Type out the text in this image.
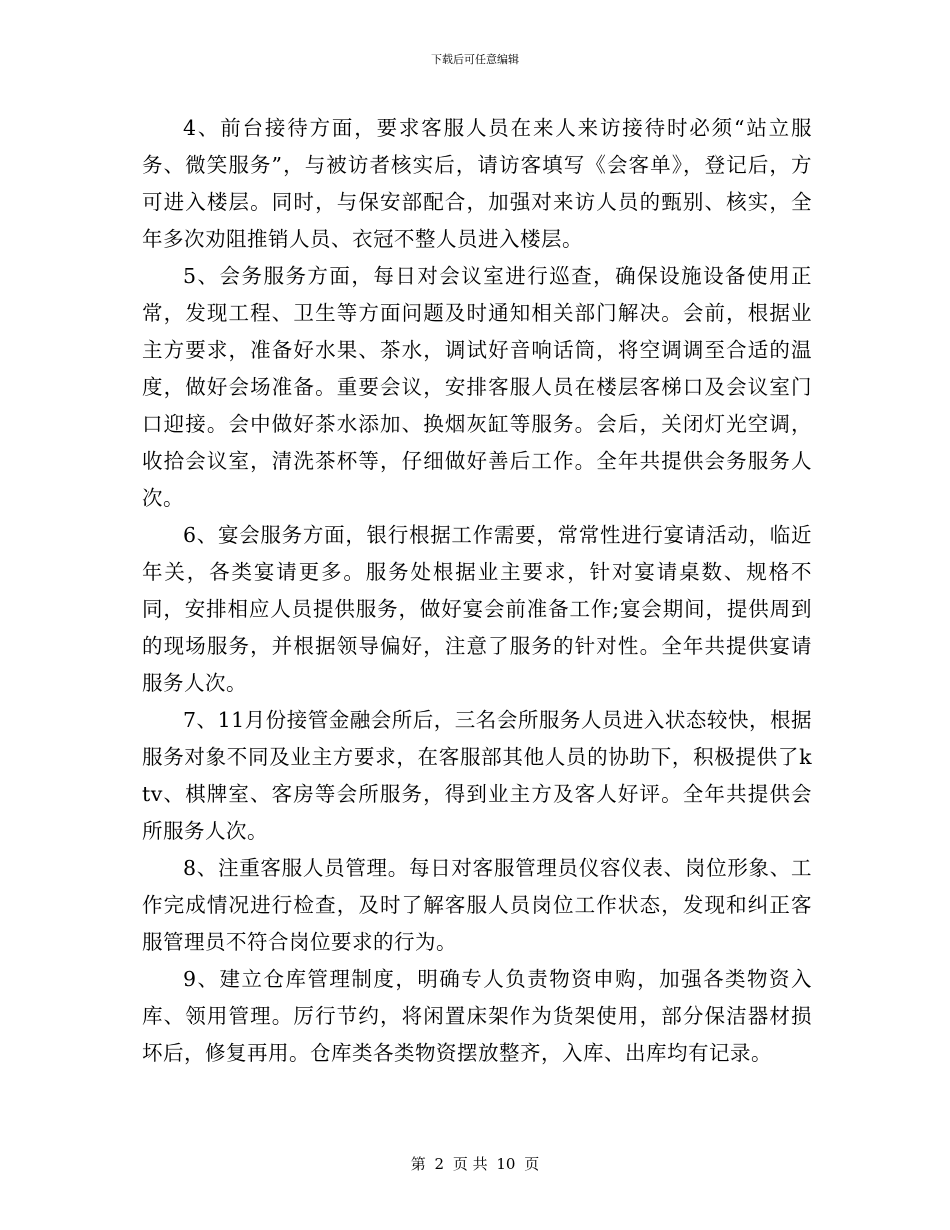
下载后可任意编辑

4、前台接待方面，要求客服人员在来人来访接待时必须“站立服务、微笑服务”，与被访者核实后，请访客填写《会客单》，登记后，方可进入楼层。同时，与保安部配合，加强对来访人员的甄别、核实，全年多次劝阻推销人员、衣冠不整人员进入楼层。

5、会务服务方面，每日对会议室进行巡查，确保设施设备使用正常，发现工程、卫生等方面问题及时通知相关部门解决。会前，根据业主方要求，准备好水果、茶水，调试好音响话筒，将空调调至合适的温度，做好会场准备。重要会议，安排客服人员在楼层客梯口及会议室门口迎接。会中做好茶水添加、换烟灰缸等服务。会后，关闭灯光空调，收拾会议室，清洗茶杯等，仔细做好善后工作。全年共提供会务服务人次。

6、宴会服务方面，银行根据工作需要，常常性进行宴请活动，临近年关，各类宴请更多。服务处根据业主要求，针对宴请桌数、规格不同，安排相应人员提供服务，做好宴会前准备工作;宴会期间，提供周到的现场服务，并根据领导偏好，注意了服务的针对性。全年共提供宴请服务人次。

7、11月份接管金融会所后，三名会所服务人员进入状态较快，根据服务对象不同及业主方要求，在客服部其他人员的协助下，积极提供了ktv、棋牌室、客房等会所服务，得到业主方及客人好评。全年共提供会所服务人次。

8、注重客服人员管理。每日对客服管理员仪容仪表、岗位形象、工作完成情况进行检查，及时了解客服人员岗位工作状态，发现和纠正客服管理员不符合岗位要求的行为。

9、建立仓库管理制度，明确专人负责物资申购，加强各类物资入库、领用管理。厉行节约，将闲置床架作为货架使用，部分保洁器材损坏后，修复再用。仓库类各类物资摆放整齐，入库、出库均有记录。

第 2 页 共 10 页
